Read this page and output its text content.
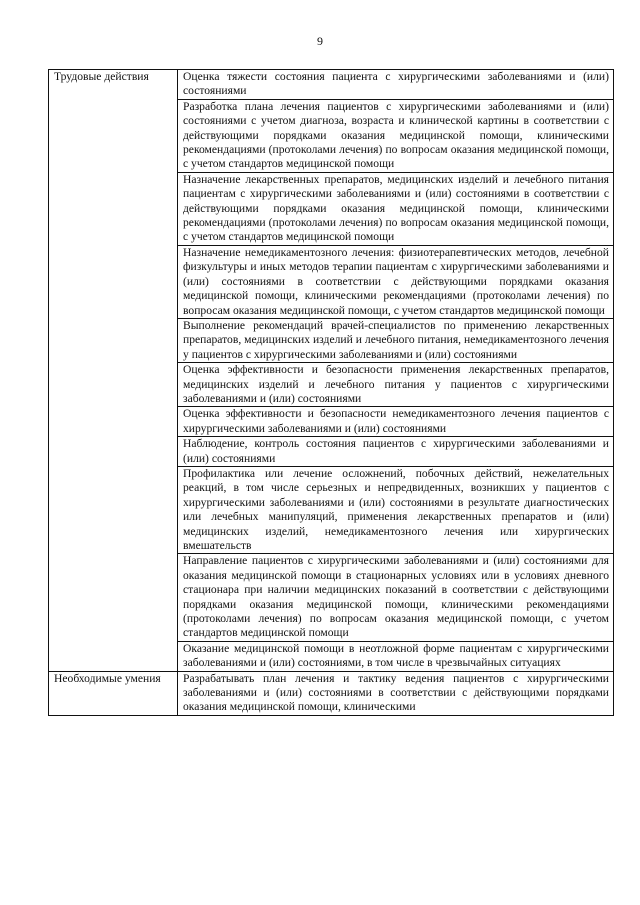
9
Трудовые действия	Оценка тяжести состояния пациента с хирургическими заболеваниями и (или) состояниями
	Разработка плана лечения пациентов с хирургическими заболеваниями и (или) состояниями с учетом диагноза, возраста и клинической картины в соответствии с действующими порядками оказания медицинской помощи, клиническими рекомендациями (протоколами лечения) по вопросам оказания медицинской помощи, с учетом стандартов медицинской помощи
	Назначение лекарственных препаратов, медицинских изделий и лечебного питания пациентам с хирургическими заболеваниями и (или) состояниями в соответствии с действующими порядками оказания медицинской помощи, клиническими рекомендациями (протоколами лечения) по вопросам оказания медицинской помощи, с учетом стандартов медицинской помощи
	Назначение немедикаментозного лечения: физиотерапевтических методов, лечебной физкультуры и иных методов терапии пациентам с хирургическими заболеваниями и (или) состояниями в соответствии с действующими порядками оказания медицинской помощи, клиническими рекомендациями (протоколами лечения) по вопросам оказания медицинской помощи, с учетом стандартов медицинской помощи
	Выполнение рекомендаций врачей-специалистов по применению лекарственных препаратов, медицинских изделий и лечебного питания, немедикаментозного лечения у пациентов с хирургическими заболеваниями и (или) состояниями
	Оценка эффективности и безопасности применения лекарственных препаратов, медицинских изделий и лечебного питания у пациентов с хирургическими заболеваниями и (или) состояниями
	Оценка эффективности и безопасности немедикаментозного лечения пациентов с хирургическими заболеваниями и (или) состояниями
	Наблюдение, контроль состояния пациентов с хирургическими заболеваниями и (или) состояниями
	Профилактика или лечение осложнений, побочных действий, нежелательных реакций, в том числе серьезных и непредвиденных, возникших у пациентов с хирургическими заболеваниями и (или) состояниями в результате диагностических или лечебных манипуляций, применения лекарственных препаратов и (или) медицинских изделий, немедикаментозного лечения или хирургических вмешательств
	Направление пациентов с хирургическими заболеваниями и (или) состояниями для оказания медицинской помощи в стационарных условиях или в условиях дневного стационара при наличии медицинских показаний в соответствии с действующими порядками оказания медицинской помощи, клиническими рекомендациями (протоколами лечения) по вопросам оказания медицинской помощи, с учетом стандартов медицинской помощи
	Оказание медицинской помощи в неотложной форме пациентам с хирургическими заболеваниями и (или) состояниями, в том числе в чрезвычайных ситуациях
Необходимые умения	Разрабатывать план лечения и тактику ведения пациентов с хирургическими заболеваниями и (или) состояниями в соответствии с действующими порядками оказания медицинской помощи, клиническими
